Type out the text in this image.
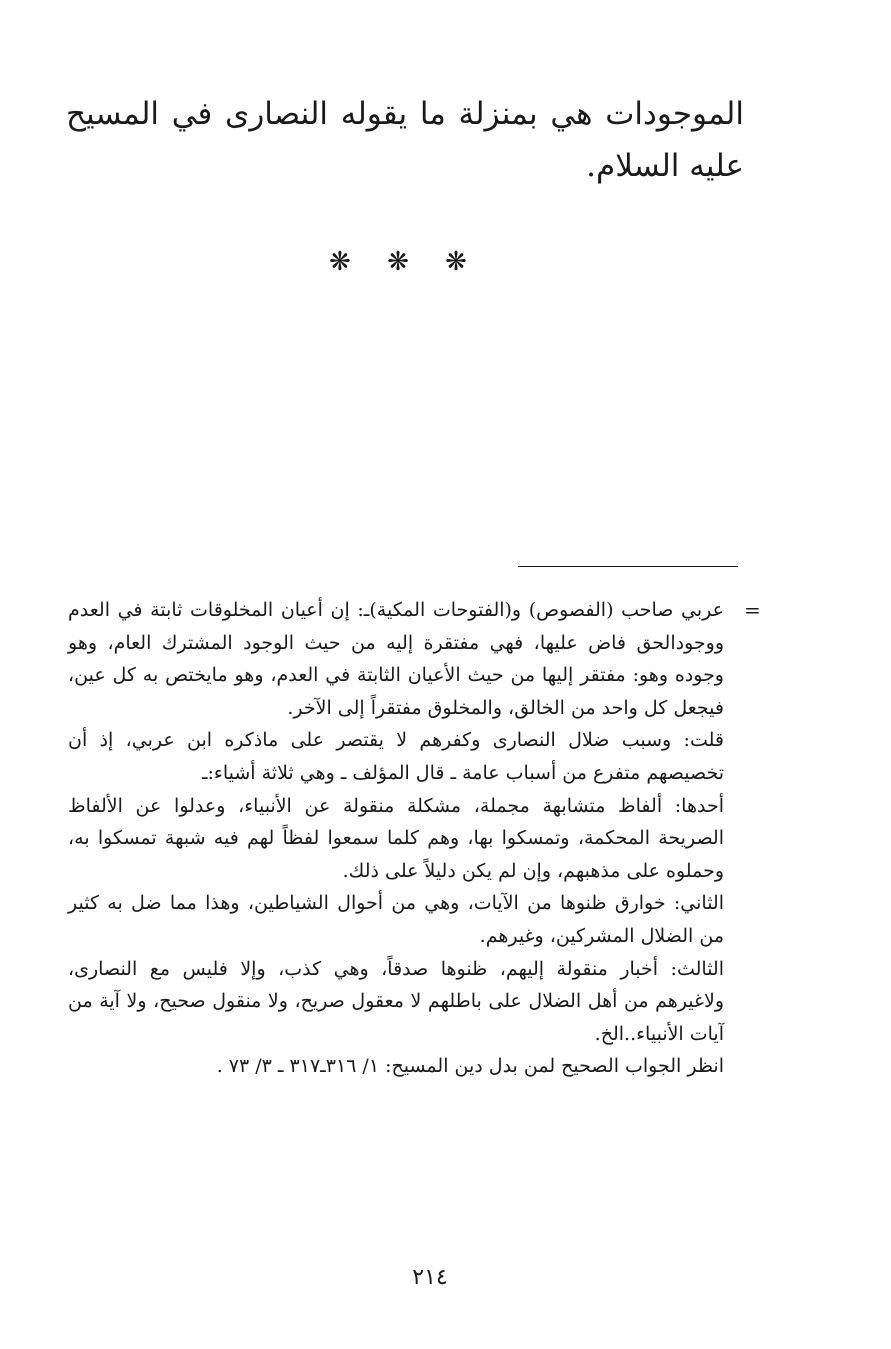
الموجودات هي بمنزلة ما يقوله النصارى في المسيح عليه السلام.
❋ ❋ ❋
=

عربي صاحب (الفصوص) و(الفتوحات المكية)ـ: إن أعيان المخلوقات ثابتة في العدم ووجودالحق فاض عليها، فهي مفتقرة إليه من حيث الوجود المشترك العام، وهو وجوده وهو: مفتقر إليها من حيث الأعيان الثابتة في العدم، وهو مايختص به كل عين، فيجعل كل واحد من الخالق، والمخلوق مفتقراً إلى الآخر.

قلت: وسبب ضلال النصارى وكفرهم لا يقتصر على ماذكره ابن عربي، إذ أن تخصيصهم متفرع من أسباب عامة ـ قال المؤلف ـ وهي ثلاثة أشياء:ـ

أحدها: ألفاظ متشابهة مجملة، مشكلة منقولة عن الأنبياء، وعدلوا عن الألفاظ الصريحة المحكمة، وتمسكوا بها، وهم كلما سمعوا لفظاً لهم فيه شبهة تمسكوا به، وحملوه على مذهبهم، وإن لم يكن دليلاً على ذلك.

الثاني: خوارق ظنوها من الآيات، وهي من أحوال الشياطين، وهذا مما ضل به كثير من الضلال المشركين، وغيرهم.

الثالث: أخبار منقولة إليهم، ظنوها صدقاً، وهي كذب، وإلا فليس مع النصارى، ولاغيرهم من أهل الضلال على باطلهم لا معقول صريح، ولا منقول صحيح، ولا آية من آيات الأنبياء..الخ.

انظر الجواب الصحيح لمن بدل دين المسيح: ١/ ٣١٦ـ٣١٧ ـ ٣/ ٧٣ .

٢١٤
